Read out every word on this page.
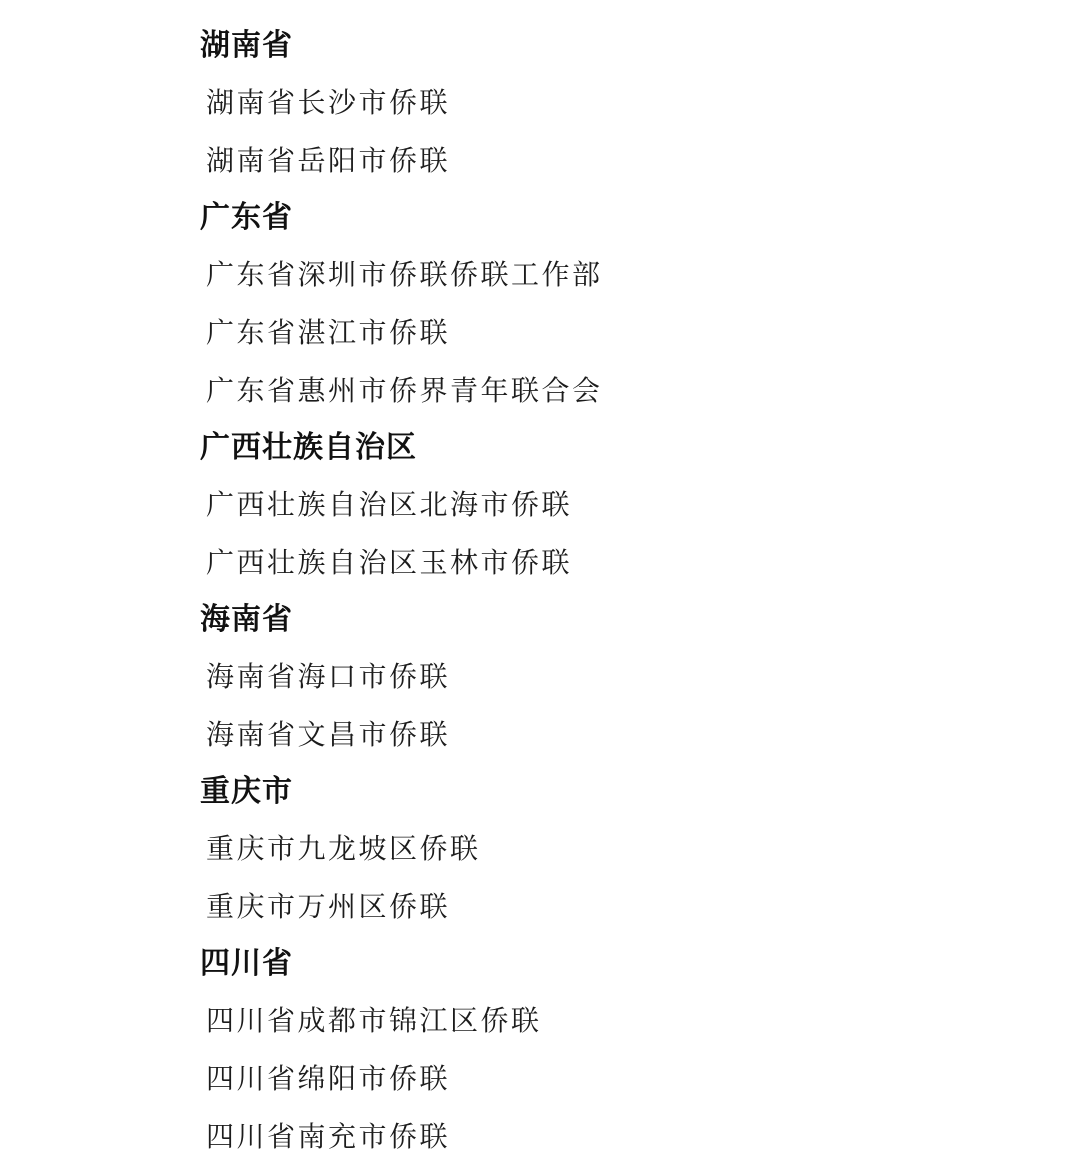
湖南省

湖南省长沙市侨联

湖南省岳阳市侨联

广东省

广东省深圳市侨联侨联工作部

广东省湛江市侨联

广东省惠州市侨界青年联合会

广西壮族自治区

广西壮族自治区北海市侨联

广西壮族自治区玉林市侨联

海南省

海南省海口市侨联

海南省文昌市侨联

重庆市

重庆市九龙坡区侨联

重庆市万州区侨联

四川省

四川省成都市锦江区侨联

四川省绵阳市侨联

四川省南充市侨联
